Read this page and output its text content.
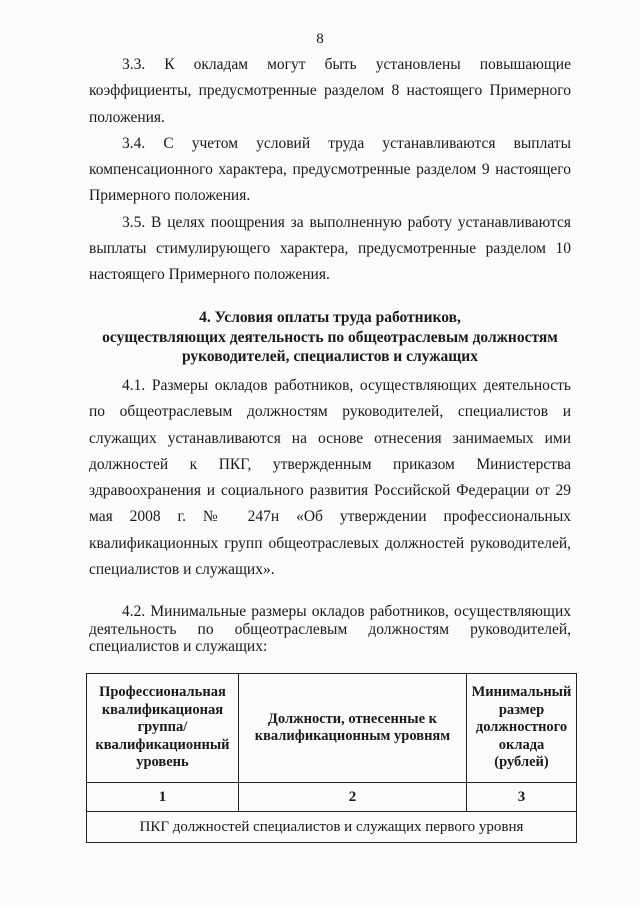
8

3.3. К окладам могут быть установлены повышающие коэффициенты, предусмотренные разделом 8 настоящего Примерного положения.

3.4. С учетом условий труда устанавливаются выплаты компенсационного характера, предусмотренные разделом 9 настоящего Примерного положения.

3.5. В целях поощрения за выполненную работу устанавливаются выплаты стимулирующего характера, предусмотренные разделом 10 настоящего Примерного положения.

4. Условия оплаты труда работников,

осуществляющих деятельность по общеотраслевым должностям

руководителей, специалистов и служащих

4.1. Размеры окладов работников, осуществляющих деятельность по общеотраслевым должностям руководителей, специалистов и служащих устанавливаются на основе отнесения занимаемых ими должностей к ПКГ, утвержденным приказом Министерства здравоохранения и социального развития Российской Федерации от 29 мая 2008 г. № 247н «Об утверждении профессиональных квалификационных групп общеотраслевых должностей руководителей, специалистов и служащих».

4.2. Минимальные размеры окладов работников, осуществляющих деятельность по общеотраслевым должностям руководителей, специалистов и служащих:

Профессиональная квалификационая группа/ квалификационный уровень	Должности, отнесенные к квалификационным уровням	Минимальный размер должностного оклада (рублей)
1	2	3
ПКГ должностей специалистов и служащих первого уровня		
